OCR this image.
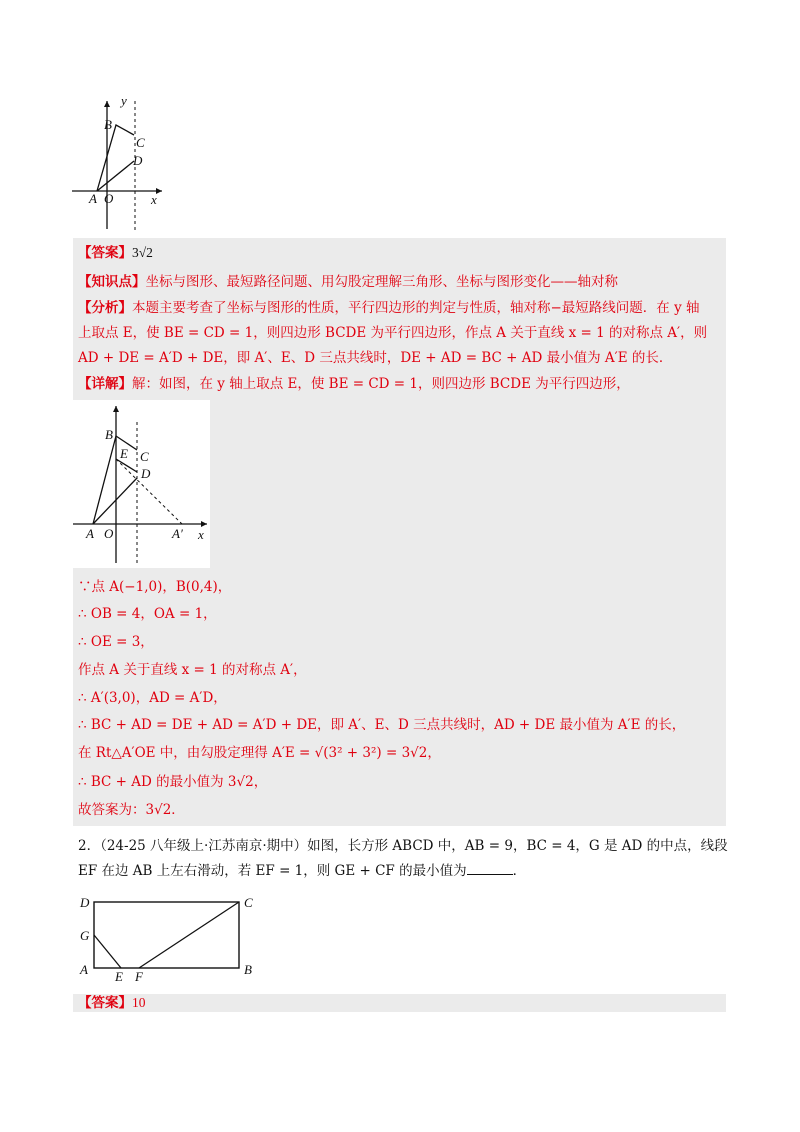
y
B
C
D
A O	x
【答案】3√2
【知识点】坐标与图形、最短路径问题、用勾股定理解三角形、坐标与图形变化——轴对称
【分析】本题主要考查了坐标与图形的性质，平行四边形的判定与性质，轴对称−最短路线问题．在 y 轴
上取点 E，使 BE = CD = 1，则四边形 BCDE 为平行四边形，作点 A 关于直线 x = 1 的对称点 A′，则
AD + DE = A′D + DE，即 A′、E、D 三点共线时，DE + AD = BC + AD 最小值为 A′E 的长．
【详解】解：如图，在 y 轴上取点 E，使 BE = CD = 1，则四边形 BCDE 为平行四边形，
B
E C
D
A O	A′ x
∵点 A(−1,0)，B(0,4)，
∴ OB = 4，OA = 1，
∴ OE = 3，
作点 A 关于直线 x = 1 的对称点 A′，
∴ A′(3,0)，AD = A′D，
∴ BC + AD = DE + AD = A′D + DE，即 A′、E、D 三点共线时，AD + DE 最小值为 A′E 的长，
在 Rt△A′OE 中，由勾股定理得 A′E = √(3² + 3²) = 3√2，
∴ BC + AD 的最小值为 3√2，
故答案为：3√2．
2．（24-25 八年级上·江苏南京·期中）如图，长方形 ABCD 中，AB = 9，BC = 4，G 是 AD 的中点，线段
EF 在边 AB 上左右滑动，若 EF = 1，则 GE + CF 的最小值为	．
D	C
G
A E F	B
【答案】10
